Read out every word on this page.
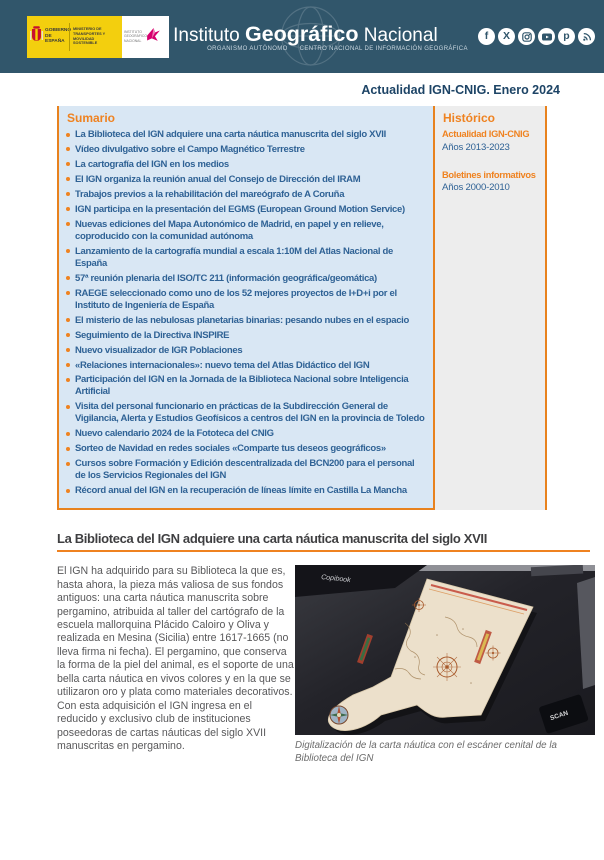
GOBIERNO DE ESPAÑA
MINISTERIO DE TRANSPORTES Y MOVILIDAD SOSTENIBLE
INSTITUTO GEOGRÁFICO NACIONAL Instituto Geográfico Nacional
ORGANISMO AUTÓNOMO CENTRO NACIONAL DE INFORMACIÓN GEOGRÁFICA
f X	p
Actualidad IGN-CNIG. Enero 2024
Sumario
La Biblioteca del IGN adquiere una carta náutica manuscrita del siglo XVII
Vídeo divulgativo sobre el Campo Magnético Terrestre
La cartografía del IGN en los medios
El IGN organiza la reunión anual del Consejo de Dirección del IRAM
Trabajos previos a la rehabilitación del mareógrafo de A Coruña
IGN participa en la presentación del EGMS (European Ground Motion Service)
Nuevas ediciones del Mapa Autonómico de Madrid, en papel y en relieve, coproducido con la comunidad autónoma
Lanzamiento de la cartografía mundial a escala 1:10M del Atlas Nacional de España
57ª reunión plenaria del ISO/TC 211 (información geográfica/geomática)
RAEGE seleccionado como uno de los 52 mejores proyectos de I+D+i por el Instituto de Ingeniería de España
El misterio de las nebulosas planetarias binarias: pesando nubes en el espacio
Seguimiento de la Directiva INSPIRE
Nuevo visualizador de IGR Poblaciones
«Relaciones internacionales»: nuevo tema del Atlas Didáctico del IGN
Participación del IGN en la Jornada de la Biblioteca Nacional sobre Inteligencia Artificial
Visita del personal funcionario en prácticas de la Subdirección General de Vigilancia, Alerta y Estudios Geofísicos a centros del IGN en la provincia de Toledo
Nuevo calendario 2024 de la Fototeca del CNIG
Sorteo de Navidad en redes sociales «Comparte tus deseos geográficos»
Cursos sobre Formación y Edición descentralizada del BCN200 para el personal de los Servicios Regionales del IGN
Récord anual del IGN en la recuperación de líneas límite en Castilla La Mancha
Histórico
Actualidad IGN-CNIG
Años 2013-2023
Boletines informativos
Años 2000-2010
La Biblioteca del IGN adquiere una carta náutica manuscrita del siglo XVII
El IGN ha adquirido para su Biblioteca la que es, hasta ahora, la pieza más valiosa de sus fondos antiguos: una carta náutica manuscrita sobre pergamino, atribuida al taller del cartógrafo de la escuela mallorquina Plácido Caloiro y Oliva y realizada en Mesina (Sicilia) entre 1617-1665 (no lleva firma ni fecha). El pergamino, que conserva la forma de la piel del animal, es el soporte de una bella carta náutica en vivos colores y en la que se utilizaron oro y plata como materiales decorativos. Con esta adquisición el IGN ingresa en el reducido y exclusivo club de instituciones poseedoras de cartas náuticas del siglo XVII manuscritas en pergamino.
Copibook
SCAN
Digitalización de la carta náutica con el escáner cenital de la Biblioteca del IGN
